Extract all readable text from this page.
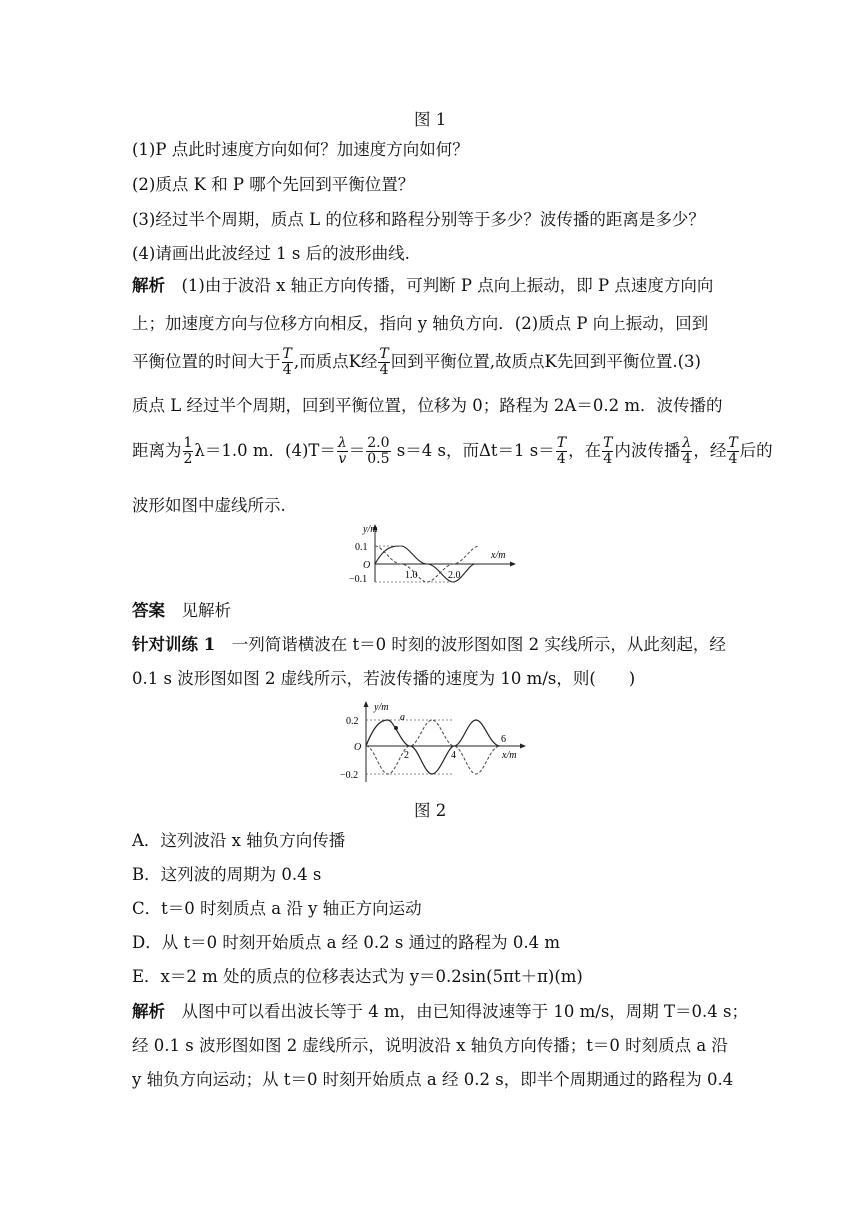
图 1
(1)P 点此时速度方向如何？加速度方向如何？
(2)质点 K 和 P 哪个先回到平衡位置？
(3)经过半个周期，质点 L 的位移和路程分别等于多少？波传播的距离是多少？
(4)请画出此波经过 1 s 后的波形曲线.
解析　 (1)由于波沿 x 轴正方向传播，可判断 P 点向上振动，即 P 点速度方向向
上；加速度方向与位移方向相反，指向 y 轴负方向．(2)质点 P 向上振动，回到
平衡位置的时间大于 $\frac{T}{4}$ ,而质点K经 $\frac{T}{4}$ 回到平衡位置,故质点K先回到平衡位置.(3)
质点 L 经过半个周期，回到平衡位置，位移为 0；路程为 2A＝0.2 m．波传播的
距离为 $\frac{1}{2} \lambda=1.0$ m．$(4)T= \frac{\lambda}{v} = \frac{2.0}{0.5} s=4$ s，而Δt＝1 $s= \frac{T}{4}$ ，在 $\frac{T}{4}$ 内波传播 $\frac{\lambda}{4}$ ，经 $\frac{T}{4}$ 后的
波形如图中虚线所示.
y/m
x/m
0.1
O
−0.1	1.0	2.0
答案　 见解析
针对训练 1　 一列简谐横波在 t＝0 时刻的波形图如图 2 实线所示，从此刻起，经
0.1 s 波形图如图 2 虚线所示，若波传播的速度为 10 m/s，则(　　)
y/m
x/m
0.2
O
−0.2
a
2	4
6
图 2
A．这列波沿 x 轴负方向传播
B．这列波的周期为 0.4 s
C．t＝0 时刻质点 a 沿 y 轴正方向运动
D．从 t＝0 时刻开始质点 a 经 0.2 s 通过的路程为 0.4 m
E．x＝2 m 处的质点的位移表达式为 y＝0.2sin(5πt＋π)(m)
解析　 从图中可以看出波长等于 4 m，由已知得波速等于 10 m/s，周期 T＝0.4 s；
经 0.1 s 波形图如图 2 虚线所示，说明波沿 x 轴负方向传播；t＝0 时刻质点 a 沿
y 轴负方向运动；从 t＝0 时刻开始质点 a 经 0.2 s，即半个周期通过的路程为 0.4
